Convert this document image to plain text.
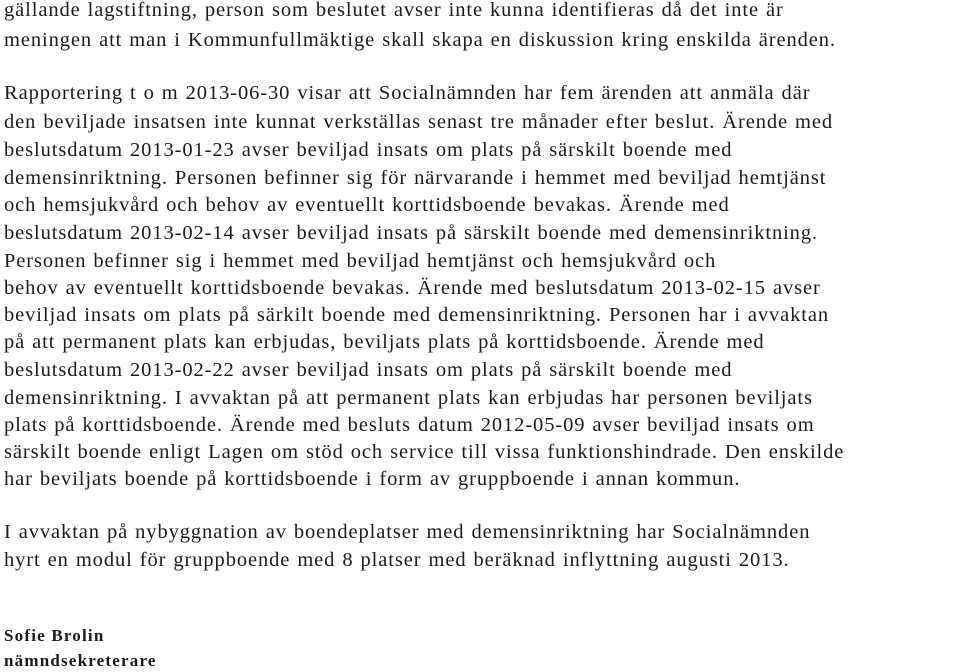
gällande lagstiftning, person som beslutet avser inte kunna identifieras då det inte är
meningen att man i Kommunfullmäktige skall skapa en diskussion kring enskilda ärenden.
Rapportering t o m 2013-06-30 visar att Socialnämnden har fem ärenden att anmäla där
den beviljade insatsen inte kunnat verkställas senast tre månader efter beslut. Ärende med
beslutsdatum 2013-01-23 avser beviljad insats om plats på särskilt boende med
demensinriktning. Personen befinner sig för närvarande i hemmet med beviljad hemtjänst
och hemsjukvård och behov av eventuellt korttidsboende bevakas. Ärende med
beslutsdatum 2013-02-14 avser beviljad insats på särskilt boende med demensinriktning.
Personen befinner sig i hemmet med beviljad hemtjänst och hemsjukvård och
behov av eventuellt korttidsboende bevakas. Ärende med beslutsdatum 2013-02-15 avser
beviljad insats om plats på särkilt boende med demensinriktning. Personen har i avvaktan
på att permanent plats kan erbjudas, beviljats plats på korttidsboende. Ärende med
beslutsdatum 2013-02-22 avser beviljad insats om plats på särskilt boende med
demensinriktning. I avvaktan på att permanent plats kan erbjudas har personen beviljats
plats på korttidsboende. Ärende med besluts datum 2012-05-09 avser beviljad insats om
särskilt boende enligt Lagen om stöd och service till vissa funktionshindrade. Den enskilde
har beviljats boende på korttidsboende i form av gruppboende i annan kommun.
I avvaktan på nybyggnation av boendeplatser med demensinriktning har Socialnämnden
hyrt en modul för gruppboende med 8 platser med beräknad inflyttning augusti 2013.
Sofie Brolin
nämndsekreterare
